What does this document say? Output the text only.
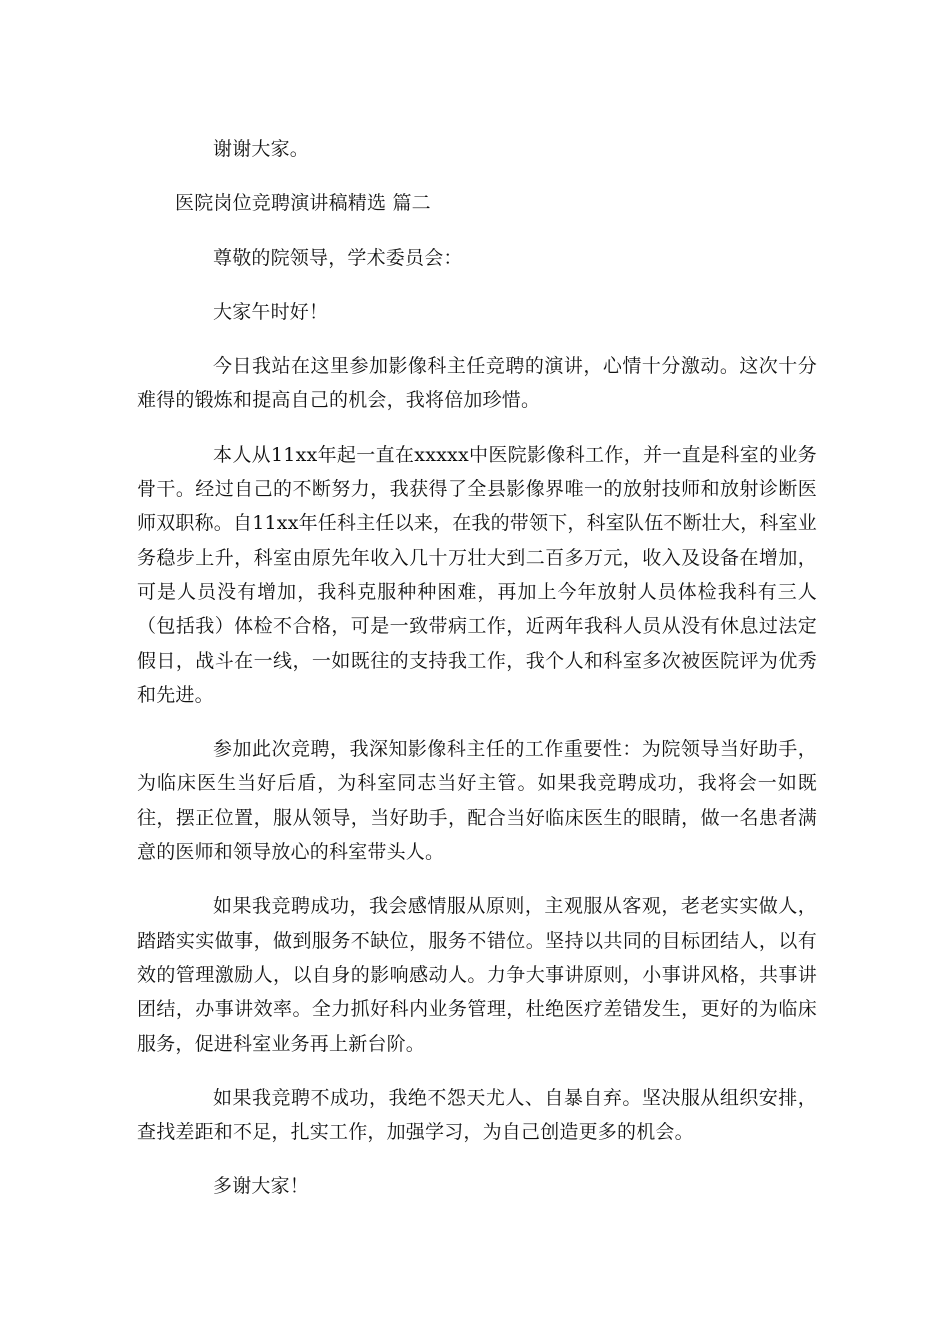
谢谢大家。

医院岗位竞聘演讲稿精选 篇二

尊敬的院领导，学术委员会：

大家午时好！

今日我站在这里参加影像科主任竞聘的演讲，心情十分激动。这次十分难得的锻炼和提高自己的机会，我将倍加珍惜。

本人从11xx年起一直在xxxxx中医院影像科工作，并一直是科室的业务骨干。经过自己的不断努力，我获得了全县影像界唯一的放射技师和放射诊断医师双职称。自11xx年任科主任以来，在我的带领下，科室队伍不断壮大，科室业务稳步上升，科室由原先年收入几十万壮大到二百多万元，收入及设备在增加，可是人员没有增加，我科克服种种困难，再加上今年放射人员体检我科有三人（包括我）体检不合格，可是一致带病工作，近两年我科人员从没有休息过法定假日，战斗在一线，一如既往的支持我工作，我个人和科室多次被医院评为优秀和先进。

参加此次竞聘，我深知影像科主任的工作重要性：为院领导当好助手，为临床医生当好后盾，为科室同志当好主管。如果我竞聘成功，我将会一如既往，摆正位置，服从领导，当好助手，配合当好临床医生的眼睛，做一名患者满意的医师和领导放心的科室带头人。

如果我竞聘成功，我会感情服从原则，主观服从客观，老老实实做人，踏踏实实做事，做到服务不缺位，服务不错位。坚持以共同的目标团结人，以有效的管理激励人，以自身的影响感动人。力争大事讲原则，小事讲风格，共事讲团结，办事讲效率。全力抓好科内业务管理，杜绝医疗差错发生，更好的为临床服务，促进科室业务再上新台阶。

如果我竞聘不成功，我绝不怨天尤人、自暴自弃。坚决服从组织安排，查找差距和不足，扎实工作，加强学习，为自己创造更多的机会。

多谢大家！
